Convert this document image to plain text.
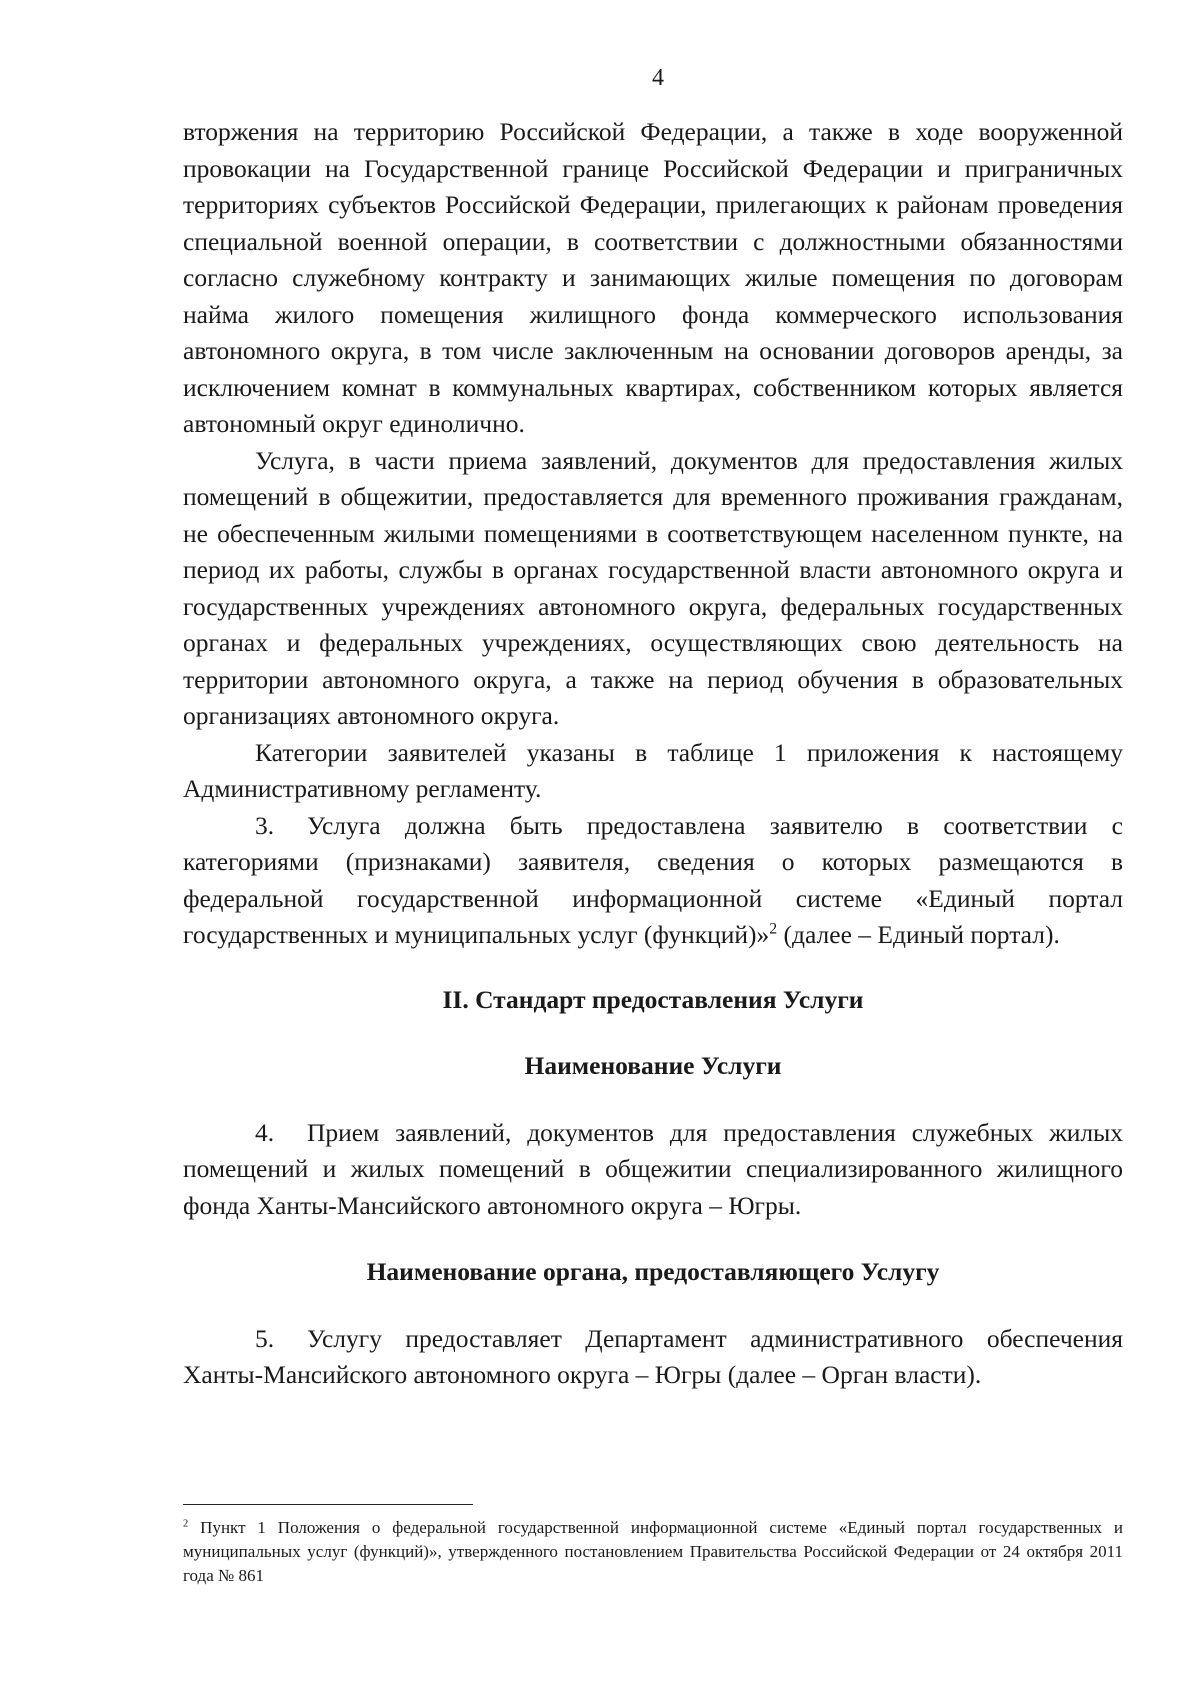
4

вторжения на территорию Российской Федерации, а также в ходе вооруженной провокации на Государственной границе Российской Федерации и приграничных территориях субъектов Российской Федерации, прилегающих к районам проведения специальной военной операции, в соответствии с должностными обязанностями согласно служебному контракту и занимающих жилые помещения по договорам найма жилого помещения жилищного фонда коммерческого использования автономного округа, в том числе заключенным на основании договоров аренды, за исключением комнат в коммунальных квартирах, собственником которых является автономный округ единолично.

Услуга, в части приема заявлений, документов для предоставления жилых помещений в общежитии, предоставляется для временного проживания гражданам, не обеспеченным жилыми помещениями в соответствующем населенном пункте, на период их работы, службы в органах государственной власти автономного округа и государственных учреждениях автономного округа, федеральных государственных органах и федеральных учреждениях, осуществляющих свою деятельность на территории автономного округа, а также на период обучения в образовательных организациях автономного округа.

Категории заявителей указаны в таблице 1 приложения к настоящему Административному регламенту.

3. Услуга должна быть предоставлена заявителю в соответствии с категориями (признаками) заявителя, сведения о которых размещаются в федеральной государственной информационной системе «Единый портал государственных и муниципальных услуг (функций)»$^2$ (далее – Единый портал).

II. Стандарт предоставления Услуги
Наименование Услуги

4. Прием заявлений, документов для предоставления служебных жилых помещений и жилых помещений в общежитии специализированного жилищного фонда Ханты-Мансийского автономного округа – Югры.

Наименование органа, предоставляющего Услугу

5. Услугу предоставляет Департамент административного обеспечения Ханты-Мансийского автономного округа – Югры (далее – Орган власти).

$^2$ Пункт 1 Положения о федеральной государственной информационной системе «Единый портал государственных и муниципальных услуг (функций)», утвержденного постановлением Правительства Российской Федерации от 24 октября 2011 года № 861
